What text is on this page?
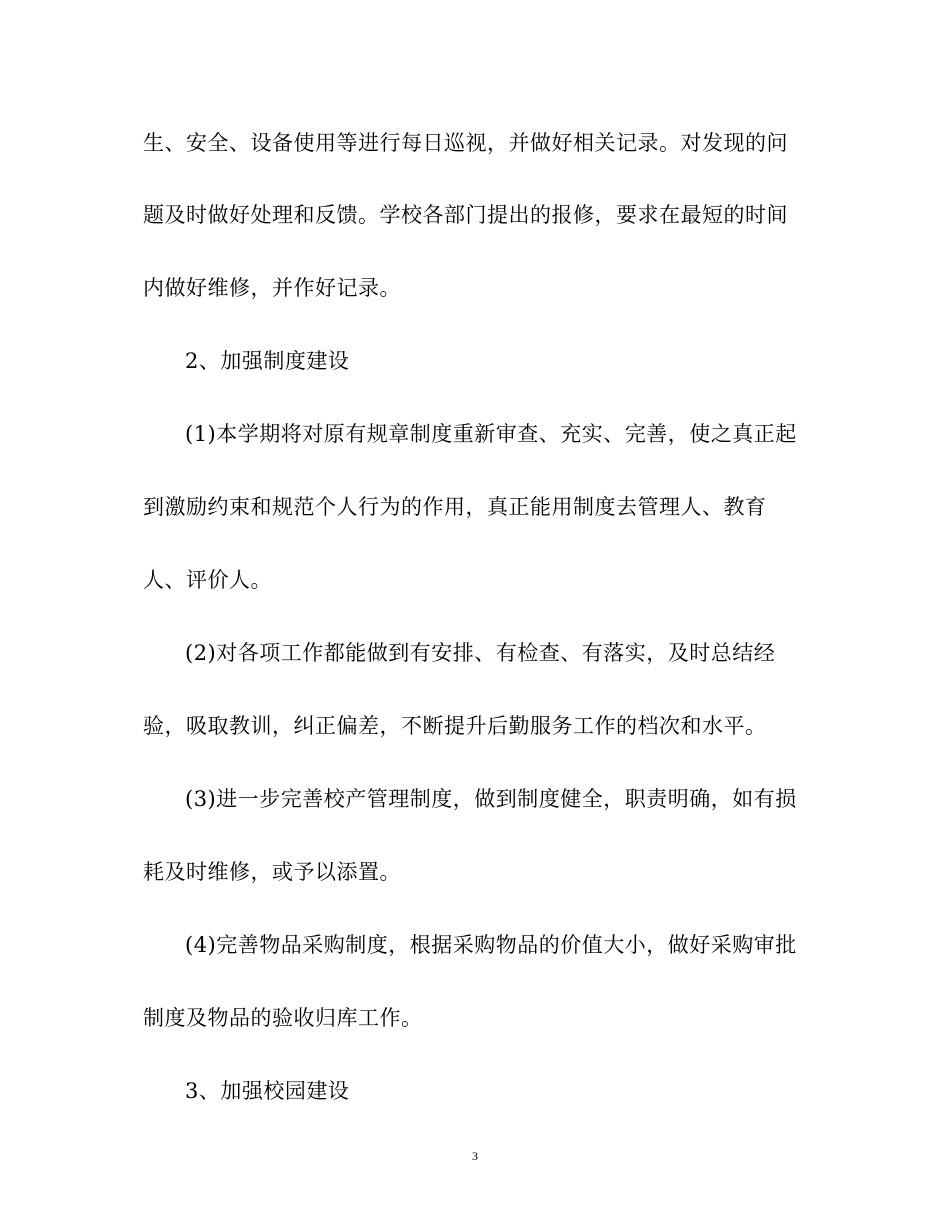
生、安全、设备使用等进行每日巡视，并做好相关记录。对发现的问
题及时做好处理和反馈。学校各部门提出的报修，要求在最短的时间
内做好维修，并作好记录。
2、加强制度建设
(1)本学期将对原有规章制度重新审查、充实、完善，使之真正起
到激励约束和规范个人行为的作用，真正能用制度去管理人、教育
人、评价人。
(2)对各项工作都能做到有安排、有检查、有落实，及时总结经
验，吸取教训，纠正偏差，不断提升后勤服务工作的档次和水平。
(3)进一步完善校产管理制度，做到制度健全，职责明确，如有损
耗及时维修，或予以添置。
(4)完善物品采购制度，根据采购物品的价值大小，做好采购审批
制度及物品的验收归库工作。
3、加强校园建设
3
